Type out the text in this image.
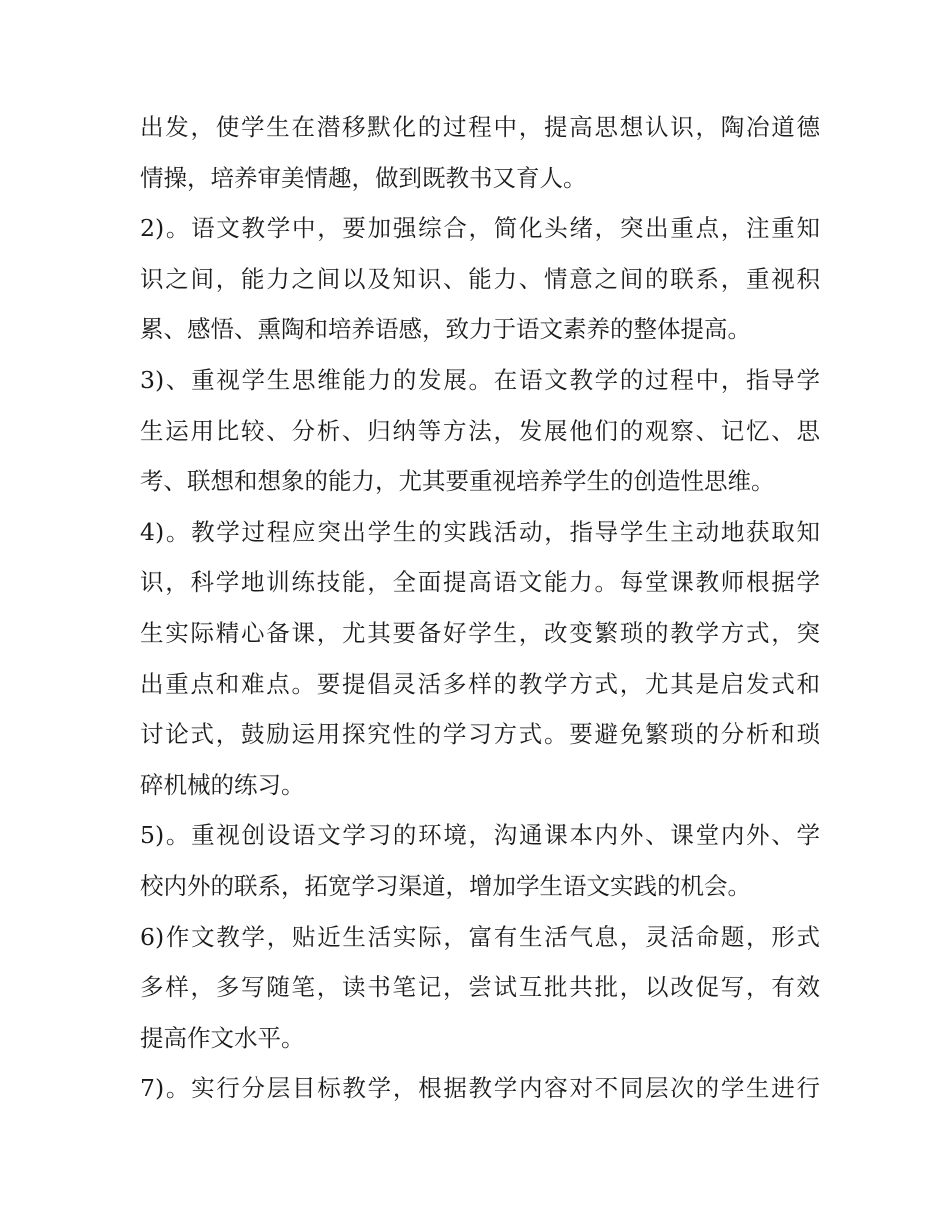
出发，使学生在潜移默化的过程中，提高思想认识，陶冶道德
情操，培养审美情趣，做到既教书又育人。
2)。语文教学中，要加强综合，简化头绪，突出重点，注重知
识之间，能力之间以及知识、能力、情意之间的联系，重视积
累、感悟、熏陶和培养语感，致力于语文素养的整体提高。
3)、重视学生思维能力的发展。在语文教学的过程中，指导学
生运用比较、分析、归纳等方法，发展他们的观察、记忆、思
考、联想和想象的能力，尤其要重视培养学生的创造性思维。
4)。教学过程应突出学生的实践活动，指导学生主动地获取知
识，科学地训练技能，全面提高语文能力。每堂课教师根据学
生实际精心备课，尤其要备好学生，改变繁琐的教学方式，突
出重点和难点。要提倡灵活多样的教学方式，尤其是启发式和
讨论式，鼓励运用探究性的学习方式。要避免繁琐的分析和琐
碎机械的练习。
5)。重视创设语文学习的环境，沟通课本内外、课堂内外、学
校内外的联系，拓宽学习渠道，增加学生语文实践的机会。
6)作文教学，贴近生活实际，富有生活气息，灵活命题，形式
多样，多写随笔，读书笔记，尝试互批共批，以改促写，有效
提高作文水平。
7)。实行分层目标教学，根据教学内容对不同层次的学生进行
